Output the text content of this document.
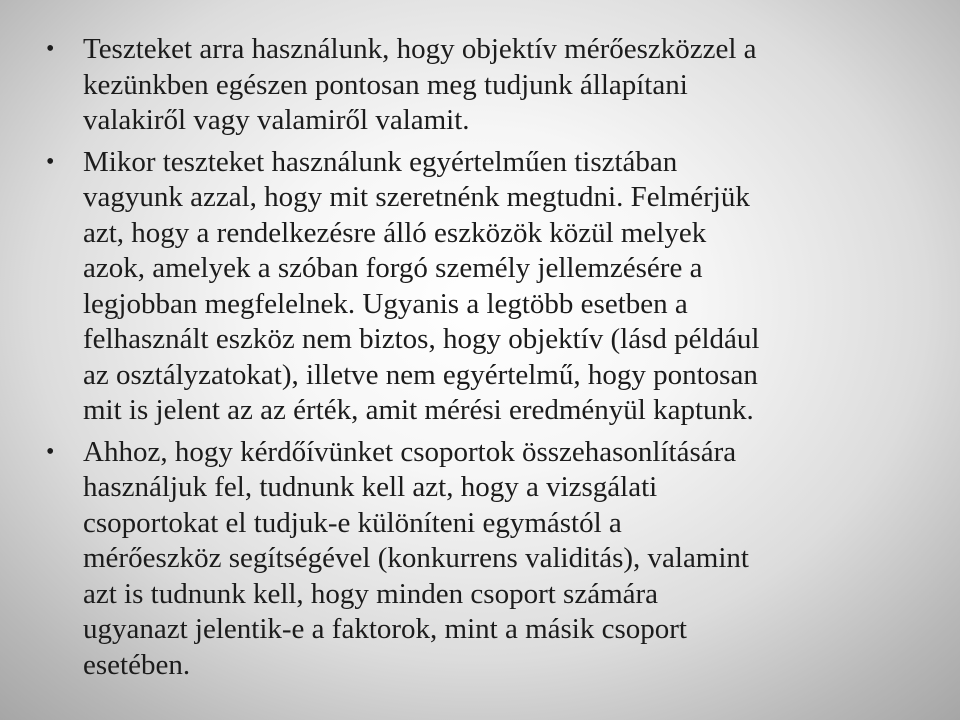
• Teszteket arra használunk, hogy objektív mérőeszközzel a
kezünkben egészen pontosan meg tudjunk állapítani
valakiről vagy valamiről valamit.
• Mikor teszteket használunk egyértelműen tisztában
vagyunk azzal, hogy mit szeretnénk megtudni. Felmérjük
azt, hogy a rendelkezésre álló eszközök közül melyek
azok, amelyek a szóban forgó személy jellemzésére a
legjobban megfelelnek. Ugyanis a legtöbb esetben a
felhasznált eszköz nem biztos, hogy objektív (lásd például
az osztályzatokat), illetve nem egyértelmű, hogy pontosan
mit is jelent az az érték, amit mérési eredményül kaptunk.
• Ahhoz, hogy kérdőívünket csoportok összehasonlítására
használjuk fel, tudnunk kell azt, hogy a vizsgálati
csoportokat el tudjuk-e különíteni egymástól a
mérőeszköz segítségével (konkurrens validitás), valamint
azt is tudnunk kell, hogy minden csoport számára
ugyanazt jelentik-e a faktorok, mint a másik csoport
esetében.
